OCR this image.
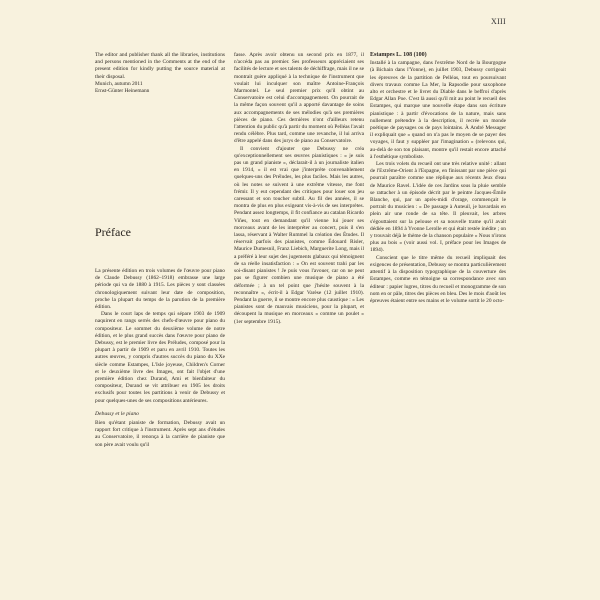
XIII

The editor and publisher thank all the libraries, institutions and persons mentioned in the Comments at the end of the present edition for kindly putting the source material at their disposal.

Munich, autumn 2011
Ernst-Günter Heinemann
Préface

La présente édition en trois volumes de l'œuvre pour piano de Claude Debussy (1862–1918) embrasse une large période qui va de 1880 à 1915. Les pièces y sont classées chronologiquement suivant leur date de composition, proche la plupart du temps de la parution de la première édition.

Dans le court laps de temps qui sépare 1903 de 1909 naquirent en rangs serrés des chefs-d'œuvre pour piano du compositeur. Le sommet du deuxième volume de notre édition, et le plus grand succès dans l'œuvre pour piano de Debussy, est le premier livre des Préludes, composé pour la plupart à partir de 1909 et paru en avril 1910. Toutes les autres œuvres, y compris d'autres succès du piano du XXe siècle comme Estampes, L'Isle joyeuse, Children's Corner et le deuxième livre des Images, ont fait l'objet d'une première édition chez Durand, Ami et bienfaiteur du compositeur, Durand se vit attribuer en 1905 les droits exclusifs pour toutes les partitions à venir de Debussy et pour quelques-unes de ses compositions antérieures.

Debussy et le piano

Bien qu'étant pianiste de formation, Debussy avait un rapport fort critique à l'instrument. Après sept ans d'études au Conservatoire, il renonça à la carrière de pianiste que son père avait voulu qu'il

fasse. Après avoir obtenu un second prix en 1877, il n'accéda pas au premier. Ses professeurs appréciaient ses facilités de lecture et ses talents de déchiffrage, mais il ne se montrait guère appliqué à la technique de l'instrument que voulait lui inculquer son maître Antoine-François Marmontel. Le seul premier prix qu'il obtint au Conservatoire est celui d'accompagnement. On pourrait de la même façon souvent qu'il a apporté davantage de soins aux accompagnements de ses mélodies qu'à ses premières pièces de piano. Ces dernières n'ont d'ailleurs retenu l'attention du public qu'à partir du moment où Pelléas l'avait rendu célèbre. Plus tard, comme une revanche, il lui arriva d'être appelé dans des jurys de piano au Conservatoire.

Il convient d'ajouter que Debussy ne créa qu'exceptionnellement ses œuvres pianistiques : « je suis pas un grand pianiste », déclarait-il à un journaliste italien en 1914, « il est vrai que j'interprète convenablement quelques-uns des Préludes, les plus faciles. Mais les autres, où les notes se suivent à une extrême vitesse, me font frémir. Il y eut cependant des critiques pour louer son jeu caressant et son toucher subtil. Au fil des années, il se montra de plus en plus exigeant vis-à-vis de ses interprètes. Pendant assez longtemps, il fit confiance au catalan Ricardo Viñes, tout en demandant qu'il vienne lui jouer ses morceaux avant de les interpréter au concert, puis il s'en lassa, réservant à Walter Rummel la création des Études. Il réservait parfois des pianistes, comme Édouard Risler, Maurice Dumesnil, Franz Liebich, Marguerite Long, mais il a préféré à leur sujet des jugements glabaux qui témoignent de sa réelle insatisfaction : « On est souvent trahi par les soi-disant pianistes ! Je puis vous l'avouer, car on ne peut pas se figurer combien une musique de piano a été déformée ; à un tel point que j'hésite souvent à la reconnaître », écrit-il à Edgar Varèse (12 juillet 1910). Pendant la guerre, il se montre encore plus caustique : « Les pianistes sont de mauvais musiciens, pour la plupart, et découpent la musique en morceaux » comme un poulet » (1er septembre 1915).

Estampes L. 108 (100)

Installé à la campagne, dans l'extrême Nord de la Bourgogne (à Bichain dans l'Yonne), en juillet 1903, Debussy corrigeait les épreuves de la partition de Pelléas, tout en poursuivant divers travaux comme La Mer, la Rapsodie pour saxophone alto et orchestre et le livret du Diable dans le beffroi d'après Edgar Allan Poe. C'est là aussi qu'il mit au point le recueil des Estampes, qui marque une nouvelle étape dans son écriture pianistique : à partir d'évocations de la nature, mais sans nullement prétendre à la description, il recrée un monde poétique de paysages ou de pays lointains. À André Messager il expliquait que « quand on n'a pas le moyen de se payer des voyages, il faut y suppléer par l'imagination » (relevons qui, au-delà de son ton plaisant, montre qu'il restait encore attaché à l'esthétique symboliste.

Les trois volets du recueil ont une très relative unité : allant de l'Extrême-Orient à l'Espagne, en finissant par une pièce qui pourrait paraître comme une réplique aux récents Jeux d'eau de Maurice Ravel. L'idée de ces Jardins sous la pluie semble se rattacher à un épisode décrit par le peintre Jacques-Émile Blanche, qui, par un après-midi d'orage, commençait le portrait du musicien : « De passage à Auteuil, je bavardais en plein air une ronde de sa tête. Il pleuvait, les arbres s'égouttaient sur la pelouse et sa nouvelle trame qu'il avait dédiée en 1894 à Yvonne Lerolle et qui était restée inédite ; on y trouvait déjà le thème de la chanson populaire « Nous n'irons plus au bois » (voir aussi vol. I, préface pour les Images de 1894).

Conscient que le titre même du recueil impliquait des exigences de présentation, Debussy se montra particulièrement attentif à la disposition typographique de la couverture des Estampes, comme en témoigne sa correspondance avec son éditeur : papier lugres, titres du recueil et monogramme de son nom en or pâle, titres des pièces en bleu. Des le mois d'août les épreuves étaient entre ses mains et le volume sortit le 20 octo-
